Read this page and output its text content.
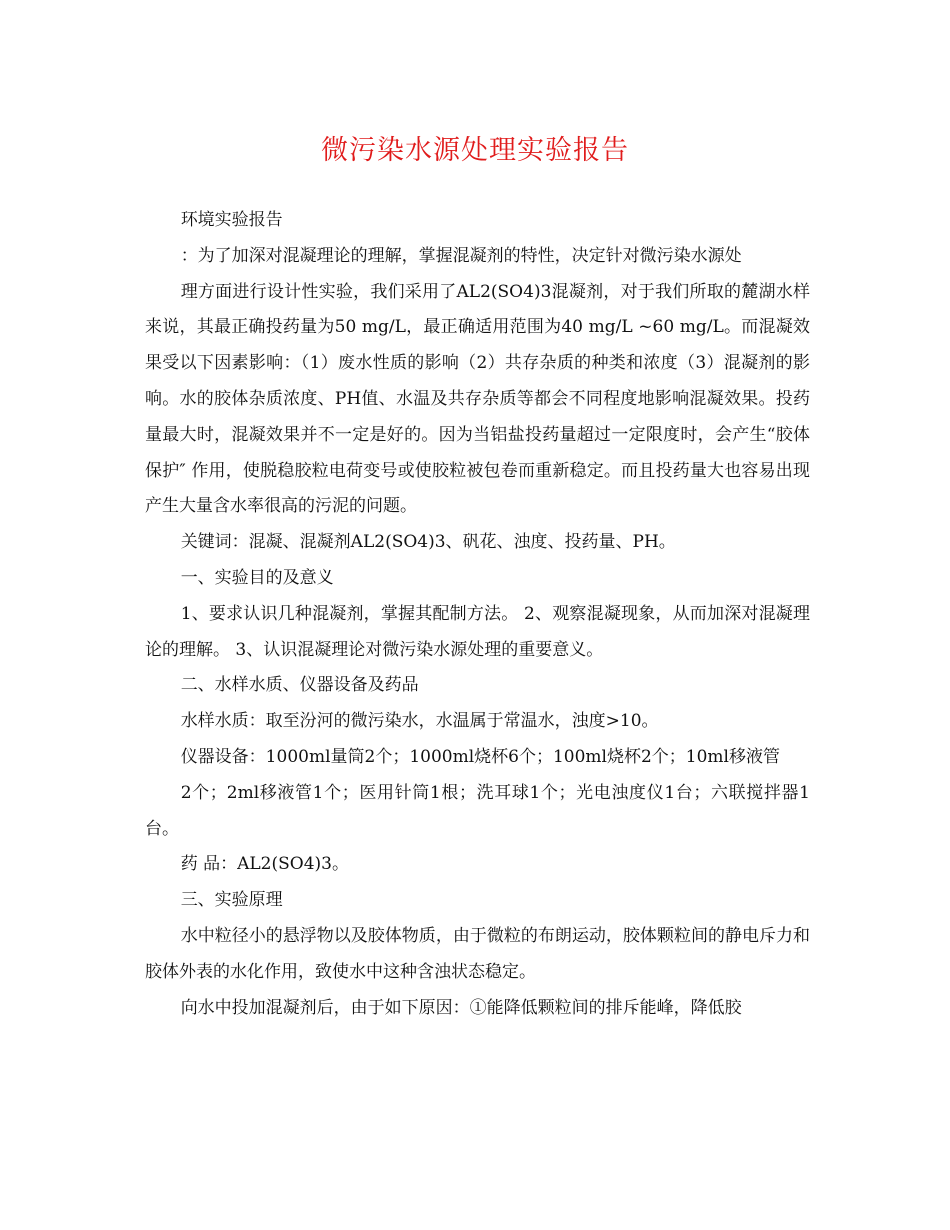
微污染水源处理实验报告

环境实验报告

：为了加深对混凝理论的理解，掌握混凝剂的特性，决定针对微污染水源处

理方面进行设计性实验，我们采用了AL2(SO4)3混凝剂，对于我们所取的麓湖水样来说，其最正确投药量为50 mg/L，最正确适用范围为40 mg/L ~60 mg/L。而混凝效果受以下因素影响：（1）废水性质的影响（2）共存杂质的种类和浓度（3）混凝剂的影响。水的胶体杂质浓度、PH值、水温及共存杂质等都会不同程度地影响混凝效果。投药量最大时，混凝效果并不一定是好的。因为当铝盐投药量超过一定限度时，会产生“胶体保护″ 作用，使脱稳胶粒电荷变号或使胶粒被包卷而重新稳定。而且投药量大也容易出现产生大量含水率很高的污泥的问题。

关键词：混凝、混凝剂AL2(SO4)3、矾花、浊度、投药量、PH。

一、实验目的及意义

1、要求认识几种混凝剂，掌握其配制方法。 2、观察混凝现象，从而加深对混凝理论的理解。 3、认识混凝理论对微污染水源处理的重要意义。

二、水样水质、仪器设备及药品

水样水质：取至汾河的微污染水，水温属于常温水，浊度>10。

仪器设备：1000ml量筒2个；1000ml烧杯6个；100ml烧杯2个；10ml移液管

2个；2ml移液管1个；医用针筒1根；洗耳球1个；光电浊度仪1台；六联搅拌器1台。

药 品：AL2(SO4)3。

三、实验原理

水中粒径小的悬浮物以及胶体物质，由于微粒的布朗运动，胶体颗粒间的静电斥力和胶体外表的水化作用，致使水中这种含浊状态稳定。

向水中投加混凝剂后，由于如下原因：①能降低颗粒间的排斥能峰，降低胶
